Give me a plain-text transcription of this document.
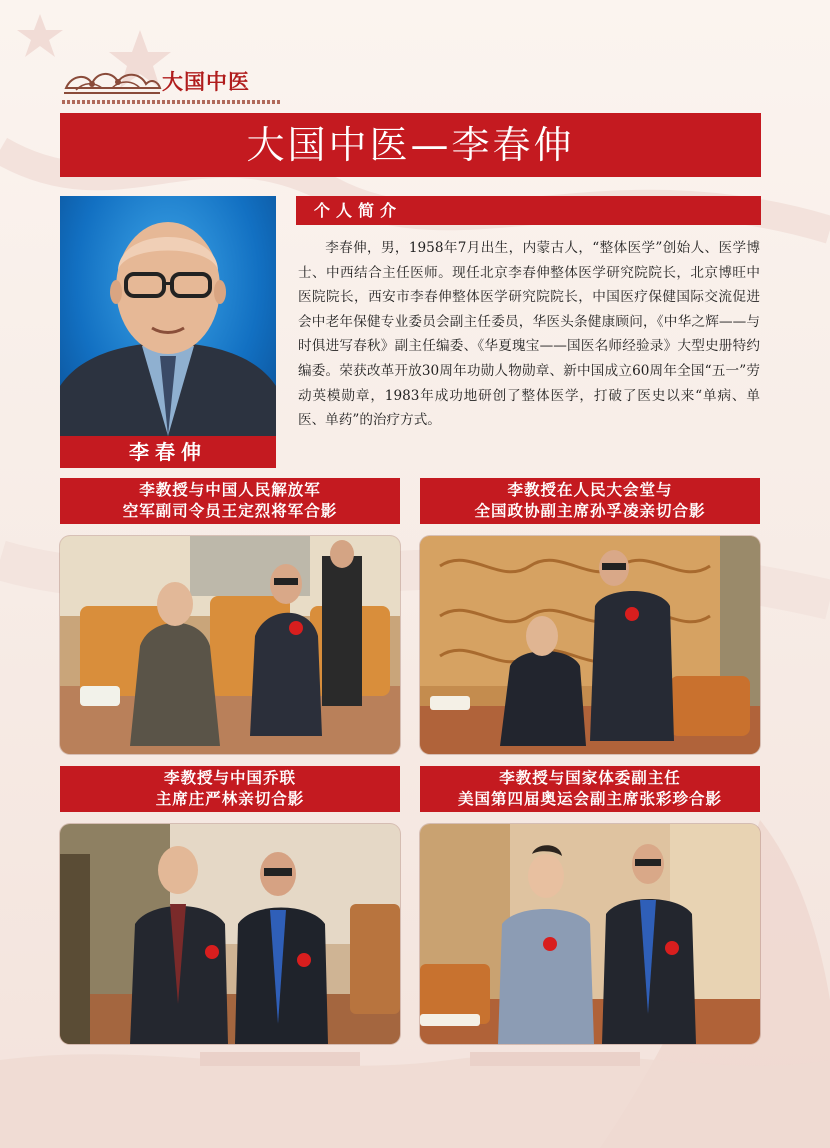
大国中医
大国中医—李春伸
李春伸
个人简介

李春伸，男，1958年7月出生，内蒙古人，“整体医学”创始人、医学博士、中西结合主任医师。现任北京李春伸整体医学研究院院长，北京博旺中医院院长，西安市李春伸整体医学研究院院长，中国医疗保健国际交流促进会中老年保健专业委员会副主任委员，华医头条健康顾问，《中华之辉——与时俱进写春秋》副主任编委、《华夏瑰宝——国医名师经验录》大型史册特约编委。荣获改革开放30周年功勋人物勋章、新中国成立60周年全国“五一”劳动英模勋章，1983年成功地研创了整体医学，打破了医史以来“单病、单医、单药”的治疗方式。

李教授与中国人民解放军
空军副司令员王定烈将军合影
李教授在人民大会堂与
全国政协副主席孙孚凌亲切合影
李教授与中国乔联
主席庄严林亲切合影
李教授与国家体委副主任
美国第四届奥运会副主席张彩珍合影
